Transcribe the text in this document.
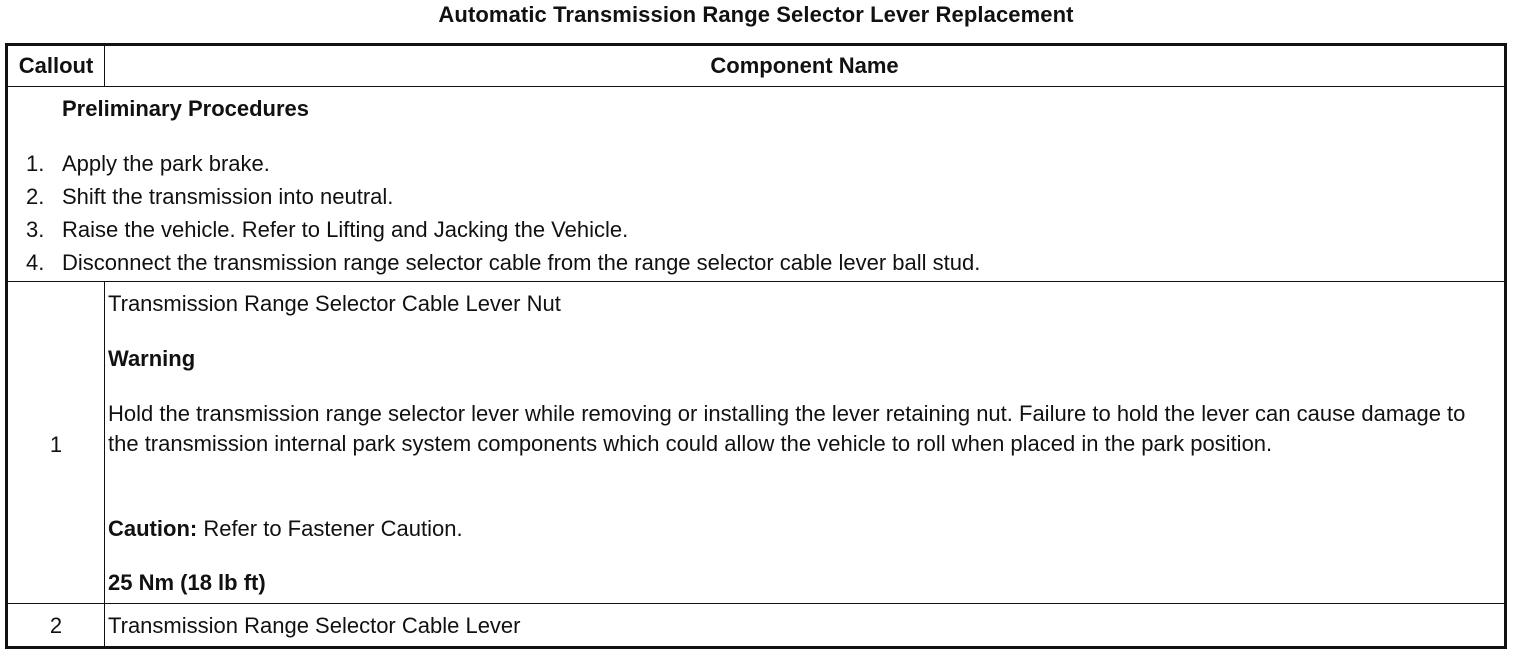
Automatic Transmission Range Selector Lever Replacement
Callout	Component Name
Preliminary Procedures
1. Apply the park brake.
2. Shift the transmission into neutral.
3. Raise the vehicle. Refer to Lifting and Jacking the Vehicle.
4. Disconnect the transmission range selector cable from the range selector cable lever ball stud.
1
Transmission Range Selector Cable Lever Nut
Warning
Hold the transmission range selector lever while removing or installing the lever retaining nut. Failure to hold the lever can cause damage to the transmission internal park system components which could allow the vehicle to roll when placed in the park position.
Caution: Refer to Fastener Caution.
25 Nm (18 lb ft)
2	Transmission Range Selector Cable Lever
